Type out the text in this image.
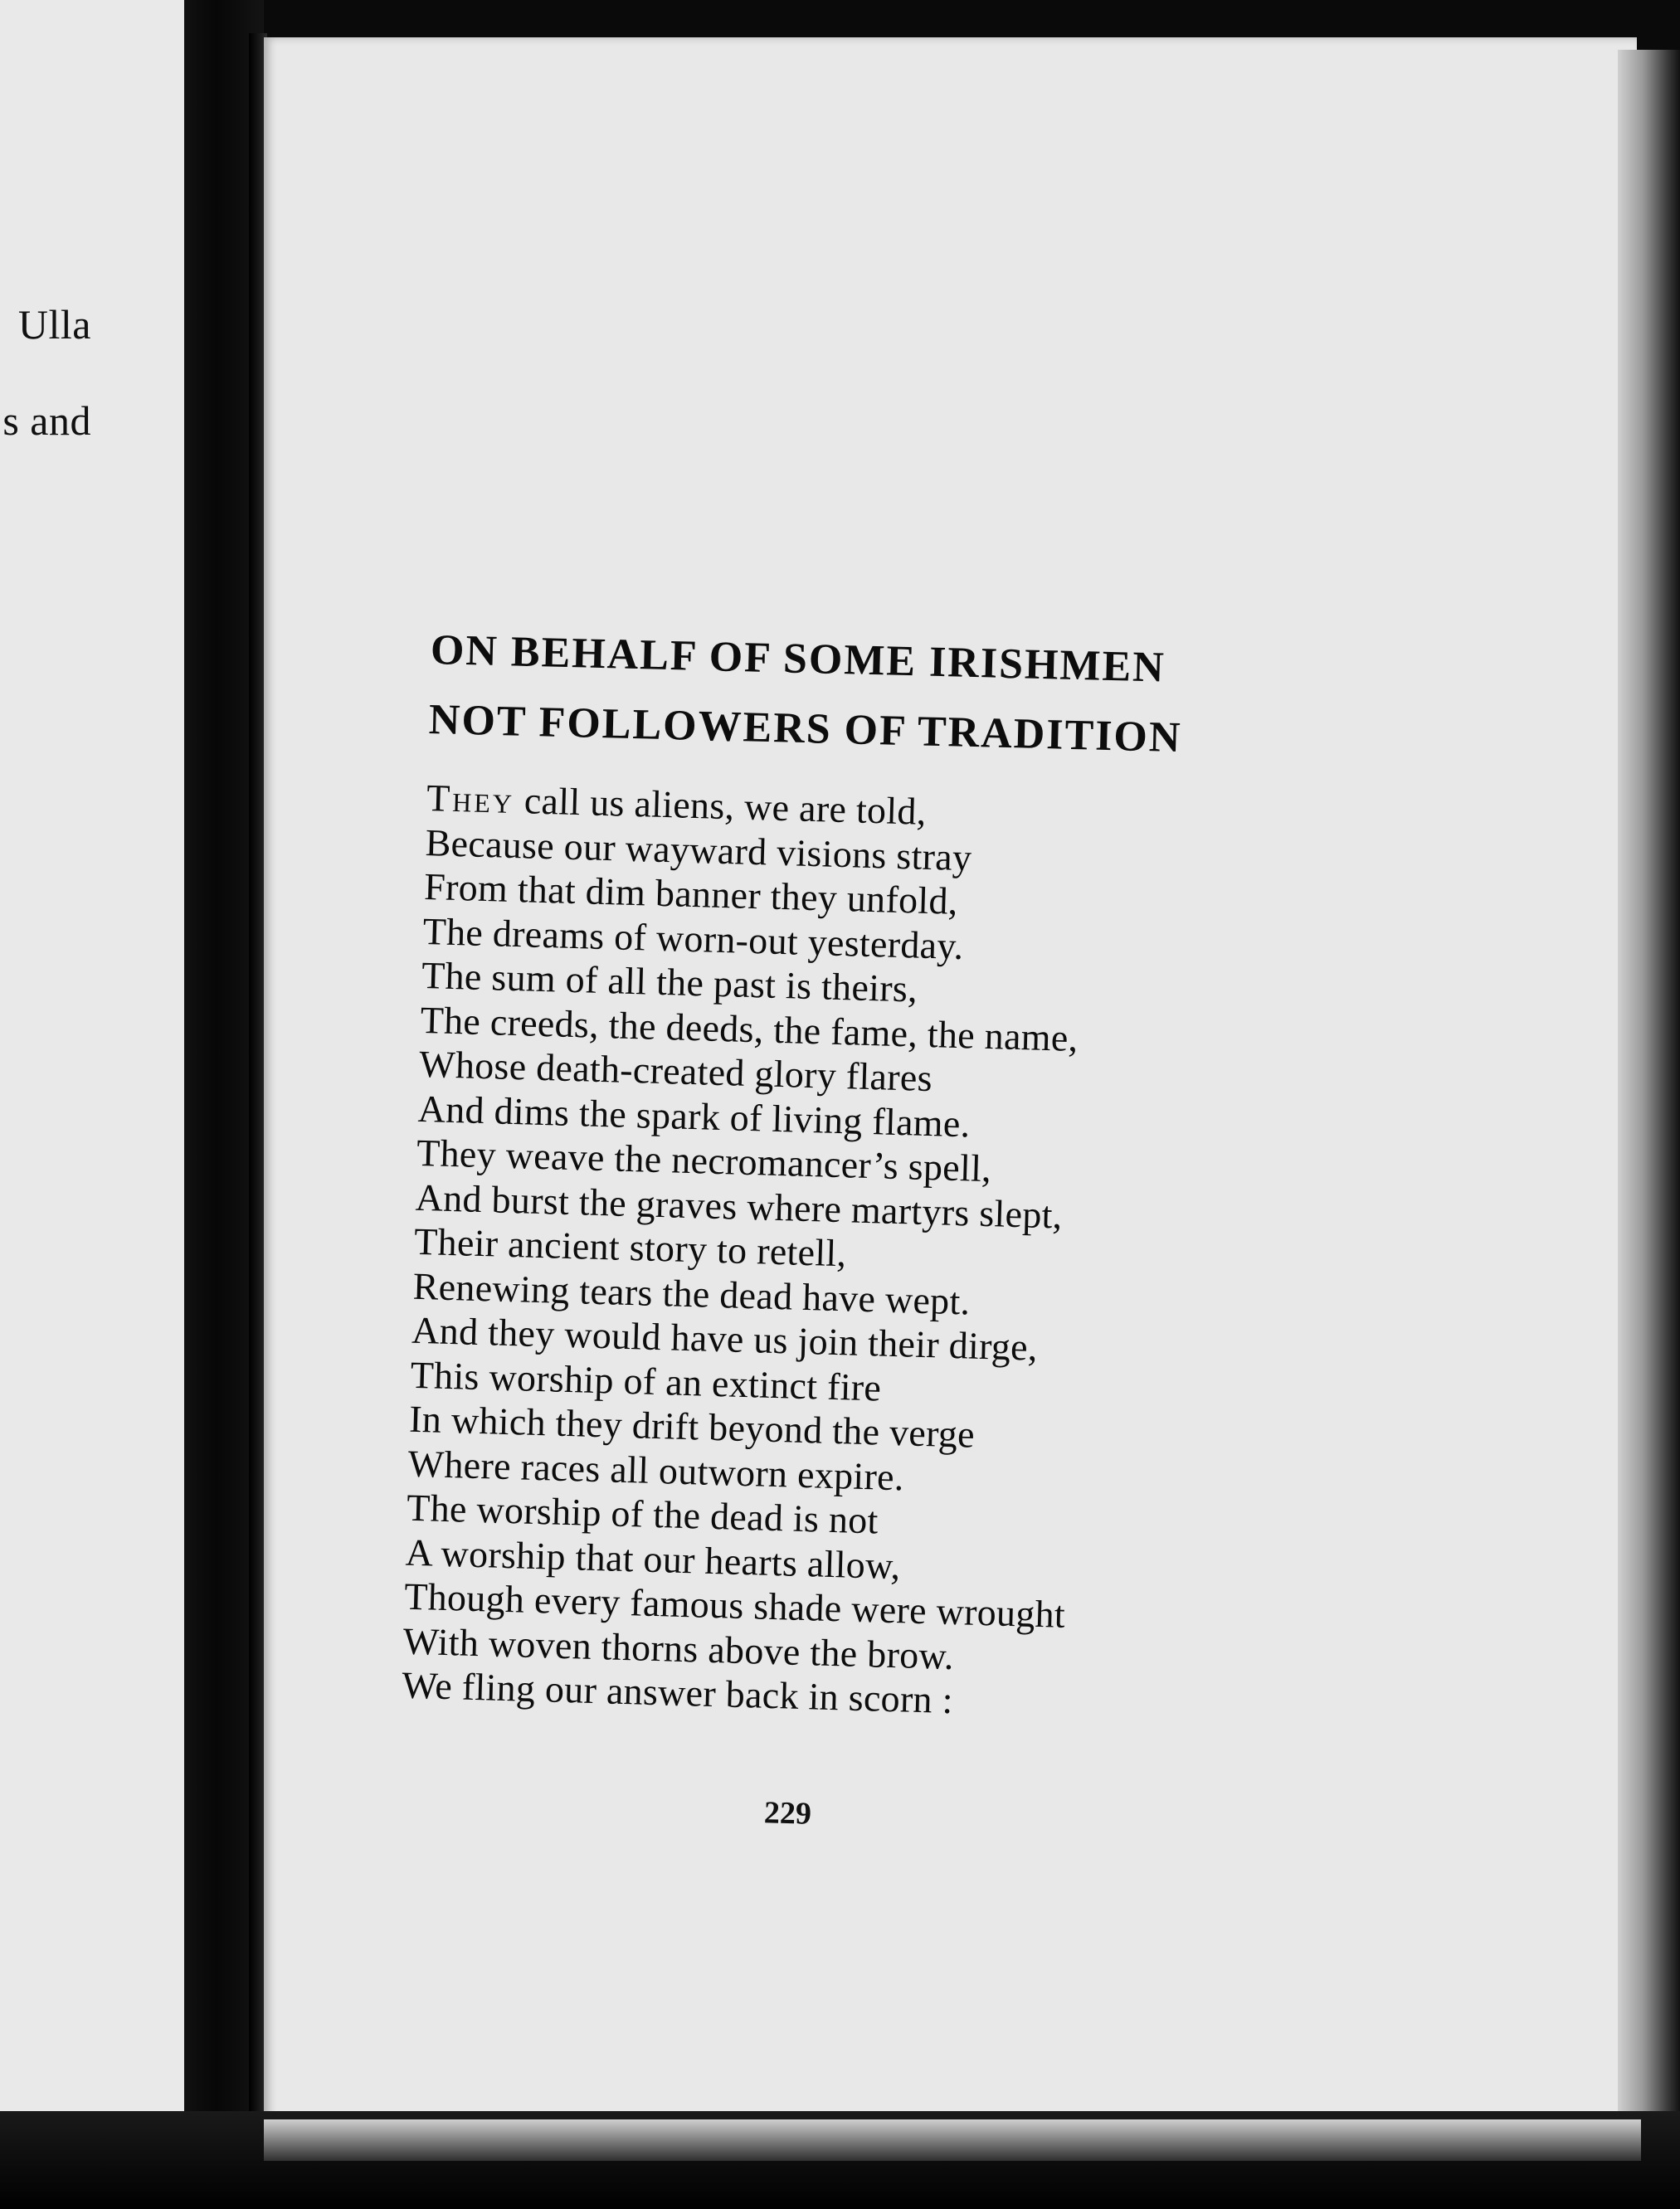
Ulla
s and
ON BEHALF OF SOME IRISHMEN
NOT FOLLOWERS OF TRADITION
They call us aliens, we are told,
Because our wayward visions stray
From that dim banner they unfold,
The dreams of worn-out yesterday.
The sum of all the past is theirs,
The creeds, the deeds, the fame, the name,
Whose death-created glory flares
And dims the spark of living flame.
They weave the necromancer’s spell,
And burst the graves where martyrs slept,
Their ancient story to retell,
Renewing tears the dead have wept.
And they would have us join their dirge,
This worship of an extinct fire
In which they drift beyond the verge
Where races all outworn expire.
The worship of the dead is not
A worship that our hearts allow,
Though every famous shade were wrought
With woven thorns above the brow.
We fling our answer back in scorn :
229
